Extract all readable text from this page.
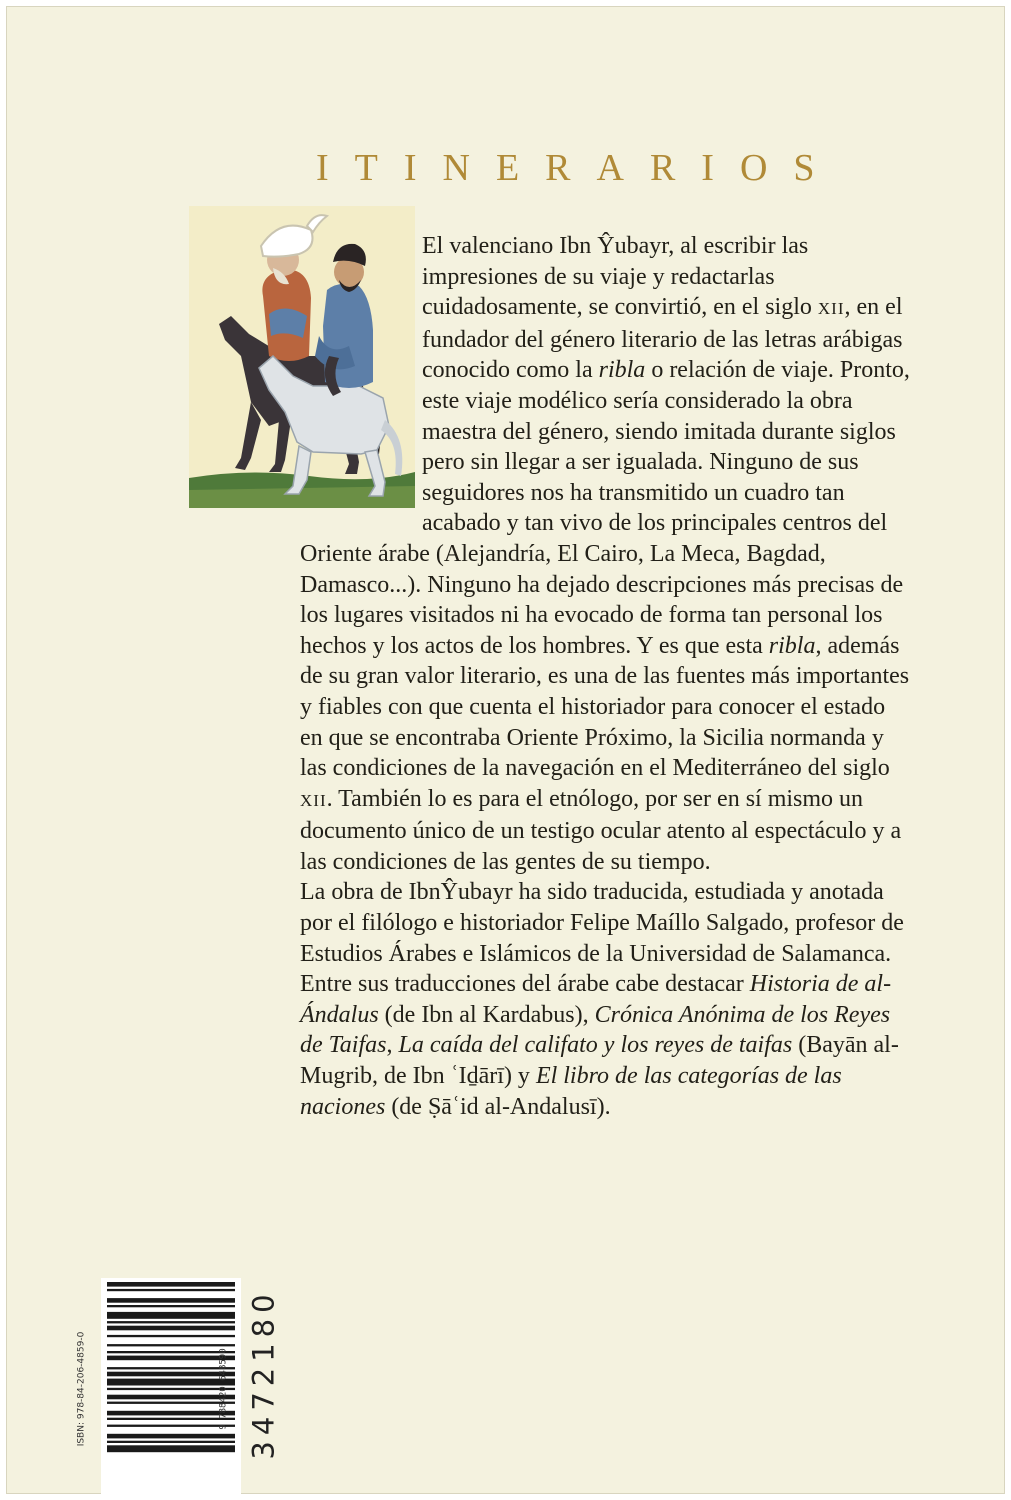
ITINERARIOS

El valenciano Ibn Ŷubayr, al escribir las impresiones de su viaje y redactarlas cuidadosamente, se convirtió, en el siglo XII, en el fundador del género literario de las letras arábigas conocido como la ribla o relación de viaje. Pronto, este viaje modélico sería considerado la obra maestra del género, siendo imitada durante siglos pero sin llegar a ser igualada. Ninguno de sus seguidores nos ha transmitido un cuadro tan acabado y tan vivo de los principales centros del Oriente árabe (Alejandría, El Cairo, La Meca, Bagdad, Damasco...). Ninguno ha dejado descripciones más precisas de los lugares visitados ni ha evocado de forma tan personal los hechos y los actos de los hombres. Y es que esta ribla, además de su gran valor literario, es una de las fuentes más importantes y fiables con que cuenta el historiador para conocer el estado en que se encontraba Oriente Próximo, la Sicilia normanda y las condiciones de la navegación en el Mediterráneo del siglo XII. También lo es para el etnólogo, por ser en sí mismo un documento único de un testigo ocular atento al espectáculo y a las condiciones de las gentes de su tiempo.

La obra de IbnŶubayr ha sido traducida, estudiada y anotada por el filólogo e historiador Felipe Maíllo Salgado, profesor de Estudios Árabes e Islámicos de la Universidad de Salamanca. Entre sus traducciones del árabe cabe destacar Historia de al-Ándalus (de Ibn al Kardabus), Crónica Anónima de los Reyes de Taifas, La caída del califato y los reyes de taifas (Bayān al-Mugrib, de Ibn ʿIḏārī) y El libro de las categorías de las naciones (de Ṣāʿid al-Andalusī).

ISBN: 978-84-206-4859-0	9 788420 648590 3472180
